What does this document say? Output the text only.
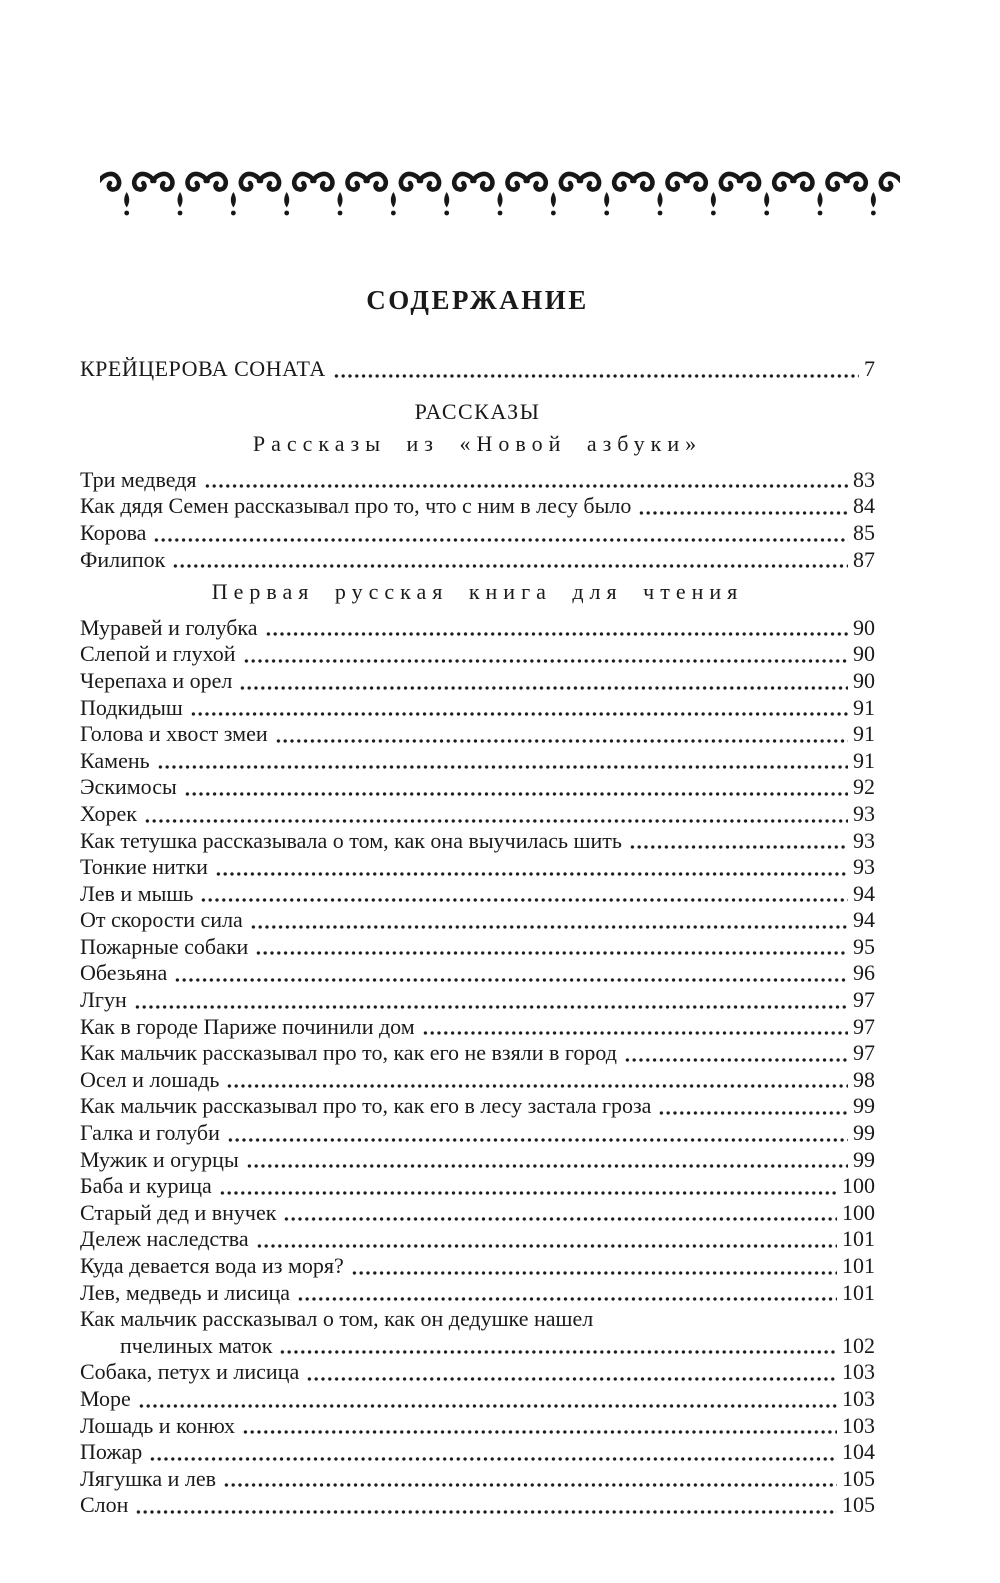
СОДЕРЖАНИЕ
КРЕЙЦЕРОВА СОНАТА	7
РАССКАЗЫ
Рассказы из «Новой азбуки»
Три медведя	83
Как дядя Семен рассказывал про то, что с ним в лесу было	84
Корова	85
Филипок	87
Первая русская книга для чтения
Муравей и голубка	90
Слепой и глухой	90
Черепаха и орел	90
Подкидыш	91
Голова и хвост змеи	91
Камень	91
Эскимосы	92
Хорек	93
Как тетушка рассказывала о том, как она выучилась шить	93
Тонкие нитки	93
Лев и мышь	94
От скорости сила	94
Пожарные собаки	95
Обезьяна	96
Лгун	97
Как в городе Париже починили дом	97
Как мальчик рассказывал про то, как его не взяли в город	97
Осел и лошадь	98
Как мальчик рассказывал про то, как его в лесу застала гроза	99
Галка и голуби	99
Мужик и огурцы	99
Баба и курица	100
Старый дед и внучек	100
Дележ наследства	101
Куда девается вода из моря?	101
Лев, медведь и лисица	101
Как мальчик рассказывал о том, как он дедушке нашел
пчелиных маток	102
Собака, петух и лисица	103
Море	103
Лошадь и конюх	103
Пожар	104
Лягушка и лев	105
Слон	105
